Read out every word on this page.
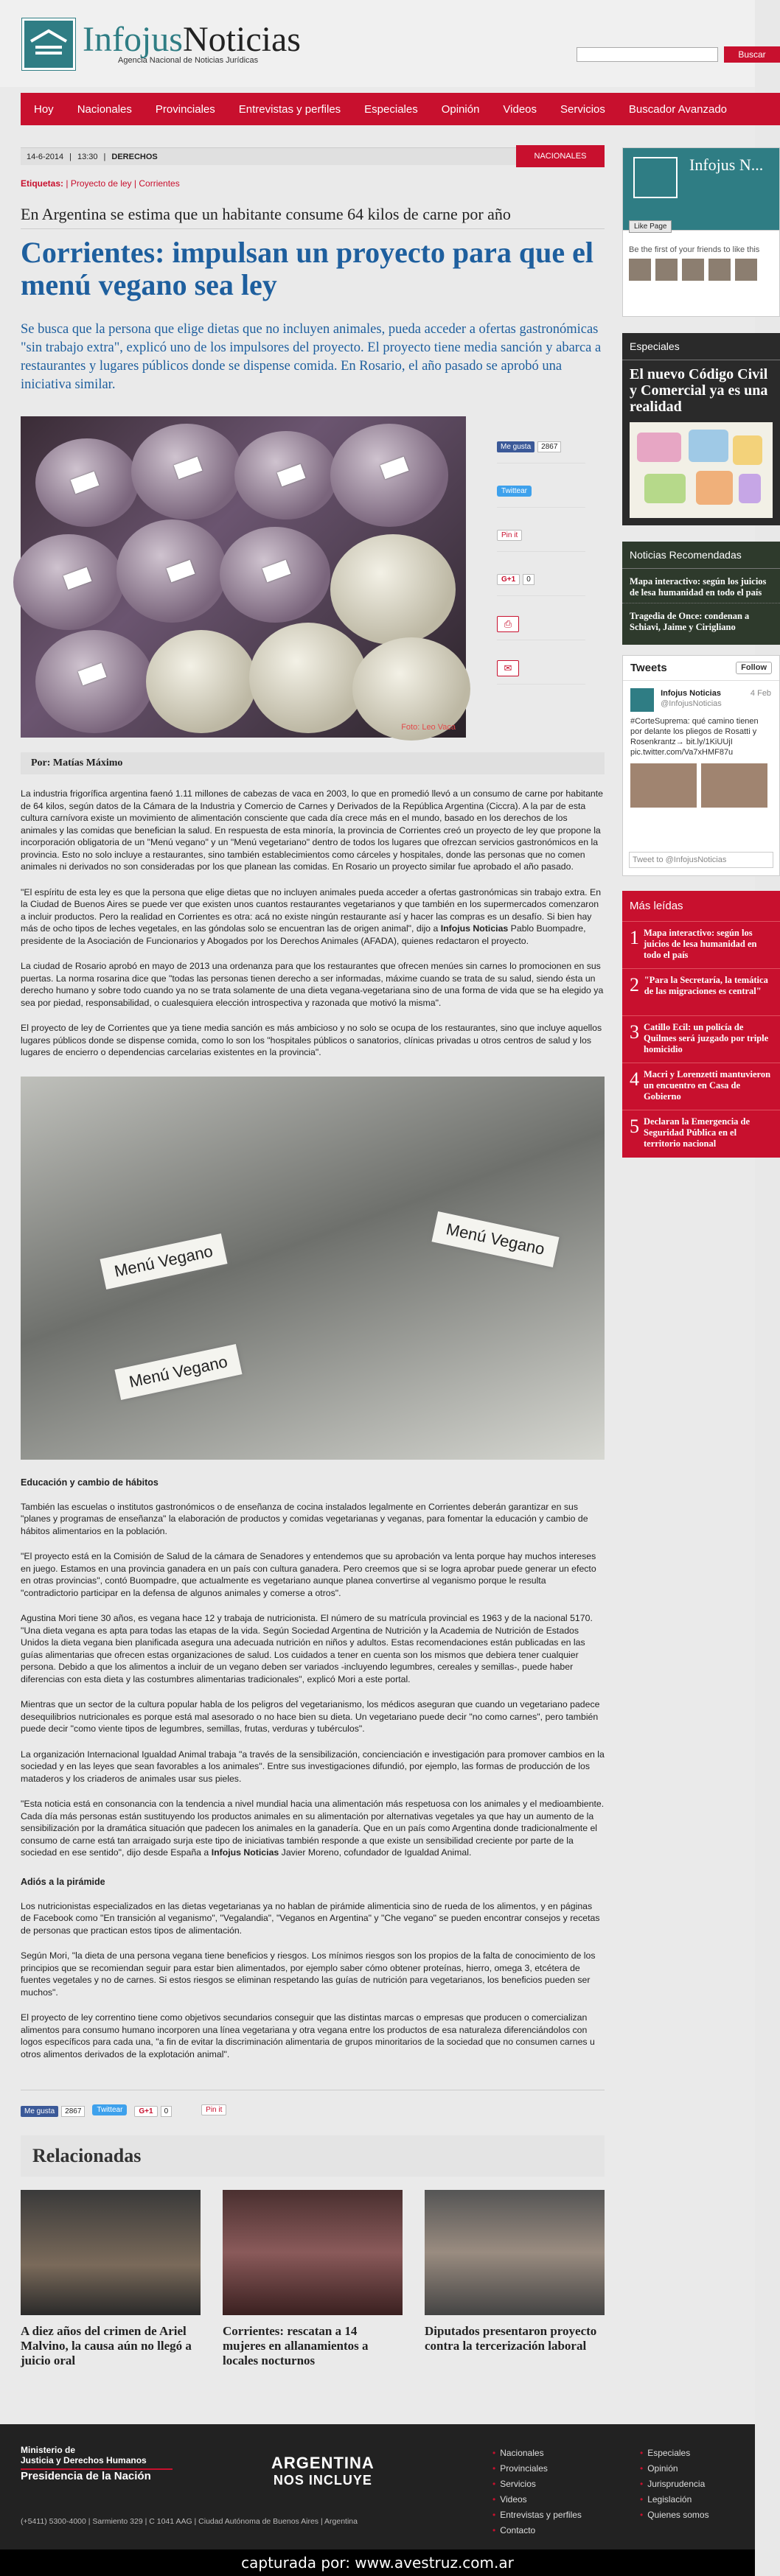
InfojusNoticias
Agencia Nacional de Noticias Jurídicas
Buscar
Hoy Nacionales Provinciales Entrevistas y perfiles Especiales Opinión Videos Servicios Buscador Avanzado
14-6-2014 | 13:30 | DERECHOS	NACIONALES
Etiquetas: | Proyecto de ley | Corrientes
En Argentina se estima que un habitante consume 64 kilos de carne por año
Corrientes: impulsan un proyecto para que el menú vegano sea ley
Se busca que la persona que elige dietas que no incluyen animales, pueda acceder a ofertas gastronómicas "sin trabajo extra", explicó uno de los impulsores del proyecto. El proyecto tiene media sanción y abarca a restaurantes y lugares públicos donde se dispense comida. En Rosario, el año pasado se aprobó una iniciativa similar.
Foto: Leo Vaca
Me gusta	2867
Twittear
Pin it
G+1	0
⎙
✉
Por: Matías Máximo

La industria frigorífica argentina faenó 1.11 millones de cabezas de vaca en 2003, lo que en promedió llevó a un consumo de carne por habitante de 64 kilos, según datos de la Cámara de la Industria y Comercio de Carnes y Derivados de la República Argentina (Ciccra). A la par de esta cultura carnívora existe un movimiento de alimentación consciente que cada día crece más en el mundo, basado en los derechos de los animales y las comidas que benefician la salud. En respuesta de esta minoría, la provincia de Corrientes creó un proyecto de ley que propone la incorporación obligatoria de un "Menú vegano" y un "Menú vegetariano" dentro de todos los lugares que ofrezcan servicios gastronómicos en la provincia. Esto no solo incluye a restaurantes, sino también establecimientos como cárceles y hospitales, donde las personas que no comen animales ni derivados no son consideradas por los que planean las comidas. En Rosario un proyecto similar fue aprobado el año pasado.

"El espíritu de esta ley es que la persona que elige dietas que no incluyen animales pueda acceder a ofertas gastronómicas sin trabajo extra. En la Ciudad de Buenos Aires se puede ver que existen unos cuantos restaurantes vegetarianos y que también en los supermercados comenzaron a incluir productos. Pero la realidad en Corrientes es otra: acá no existe ningún restaurante así y hacer las compras es un desafío. Si bien hay más de ocho tipos de leches vegetales, en las góndolas solo se encuentran las de origen animal", dijo a Infojus Noticias Pablo Buompadre, presidente de la Asociación de Funcionarios y Abogados por los Derechos Animales (AFADA), quienes redactaron el proyecto.

La ciudad de Rosario aprobó en mayo de 2013 una ordenanza para que los restaurantes que ofrecen menúes sin carnes lo promocionen en sus puertas. La norma rosarina dice que "todas las personas tienen derecho a ser informadas, máxime cuando se trata de su salud, siendo ésta un derecho humano y sobre todo cuando ya no se trata solamente de una dieta vegana-vegetariana sino de una forma de vida que se ha elegido ya sea por piedad, responsabilidad, o cualesquiera elección introspectiva y razonada que motivó la misma".

El proyecto de ley de Corrientes que ya tiene media sanción es más ambicioso y no solo se ocupa de los restaurantes, sino que incluye aquellos lugares públicos donde se dispense comida, como lo son los "hospitales públicos o sanatorios, clínicas privadas u otros centros de salud y los lugares de encierro o dependencias carcelarias existentes en la provincia".

Menú Vegano
Menú Vegano
Menú Vegano
Educación y cambio de hábitos

También las escuelas o institutos gastronómicos o de enseñanza de cocina instalados legalmente en Corrientes deberán garantizar en sus "planes y programas de enseñanza" la elaboración de productos y comidas vegetarianas y veganas, para fomentar la educación y cambio de hábitos alimentarios en la población.

"El proyecto está en la Comisión de Salud de la cámara de Senadores y entendemos que su aprobación va lenta porque hay muchos intereses en juego. Estamos en una provincia ganadera en un país con cultura ganadera. Pero creemos que si se logra aprobar puede generar un efecto en otras provincias", contó Buompadre, que actualmente es vegetariano aunque planea convertirse al veganismo porque le resulta "contradictorio participar en la defensa de algunos animales y comerse a otros".

Agustina Mori tiene 30 años, es vegana hace 12 y trabaja de nutricionista. El número de su matrícula provincial es 1963 y de la nacional 5170. "Una dieta vegana es apta para todas las etapas de la vida. Según Sociedad Argentina de Nutrición y la Academia de Nutrición de Estados Unidos la dieta vegana bien planificada asegura una adecuada nutrición en niños y adultos. Estas recomendaciones están publicadas en las guías alimentarias que ofrecen estas organizaciones de salud. Los cuidados a tener en cuenta son los mismos que debiera tener cualquier persona. Debido a que los alimentos a incluir de un vegano deben ser variados -incluyendo legumbres, cereales y semillas-, puede haber diferencias con esta dieta y las costumbres alimentarias tradicionales", explicó Mori a este portal.

Mientras que un sector de la cultura popular habla de los peligros del vegetarianismo, los médicos aseguran que cuando un vegetariano padece desequilibrios nutricionales es porque está mal asesorado o no hace bien su dieta. Un vegetariano puede decir "no como carnes", pero también puede decir "como viente tipos de legumbres, semillas, frutas, verduras y tubérculos".

La organización Internacional Igualdad Animal trabaja "a través de la sensibilización, concienciación e investigación para promover cambios en la sociedad y en las leyes que sean favorables a los animales". Entre sus investigaciones difundió, por ejemplo, las formas de producción de los mataderos y los criaderos de animales usar sus pieles.

"Esta noticia está en consonancia con la tendencia a nivel mundial hacia una alimentación más respetuosa con los animales y el medioambiente. Cada día más personas están sustituyendo los productos animales en su alimentación por alternativas vegetales ya que hay un aumento de la sensibilización por la dramática situación que padecen los animales en la ganadería. Que en un país como Argentina donde tradicionalmente el consumo de carne está tan arraigado surja este tipo de iniciativas también responde a que existe un sensibilidad creciente por parte de la sociedad en ese sentido", dijo desde España a Infojus Noticias Javier Moreno, cofundador de Igualdad Animal.

Adiós a la pirámide

Los nutricionistas especializados en las dietas vegetarianas ya no hablan de pirámide alimenticia sino de rueda de los alimentos, y en páginas de Facebook como "En transición al veganismo", "Vegalandia", "Veganos en Argentina" y "Che vegano" se pueden encontrar consejos y recetas de personas que practican estos tipos de alimentación.

Según Mori, "la dieta de una persona vegana tiene beneficios y riesgos. Los mínimos riesgos son los propios de la falta de conocimiento de los principios que se recomiendan seguir para estar bien alimentados, por ejemplo saber cómo obtener proteínas, hierro, omega 3, etcétera de fuentes vegetales y no de carnes. Si estos riesgos se eliminan respetando las guías de nutrición para vegetarianos, los beneficios pueden ser muchos".

El proyecto de ley correntino tiene como objetivos secundarios conseguir que las distintas marcas o empresas que producen o comercializan alimentos para consumo humano incorporen una línea vegetariana y otra vegana entre los productos de esa naturaleza diferenciándolos con logos específicos para cada una, "a fin de evitar la discriminación alimentaria de grupos minoritarios de la sociedad que no consumen carnes u otros alimentos derivados de la explotación animal".

Me gusta 2867	Twittear	G+1 0	Pin it
Relacionadas
A diez años del crimen de Ariel Malvino, la causa aún no llegó a juicio oral
Corrientes: rescatan a 14 mujeres en allanamientos a locales nocturnos
Diputados presentaron proyecto contra la tercerización laboral
Infojus N...
Like Page
Be the first of your friends to like this
Especiales
El nuevo Código Civil y Comercial ya es una realidad
Noticias Recomendadas
Mapa interactivo: según los juicios de lesa humanidad en todo el país
Tragedia de Once: condenan a Schiavi, Jaime y Cirigliano
Tweets	Follow
Infojus Noticias	4 Feb

@InfojusNoticias
#CorteSuprema: qué camino tienen por delante los pliegos de Rosatti y Rosenkrantz→ bit.ly/1KiUUjI pic.twitter.com/Va7xHMF87u
Tweet to @InfojusNoticias
Más leídas
1 Mapa interactivo: según los juicios de lesa humanidad en todo el país
2 "Para la Secretaría, la temática de las migraciones es central"
3 Catillo Ecil: un policía de Quilmes será juzgado por triple homicidio
4 Macri y Lorenzetti mantuvieron un encuentro en Casa de Gobierno
5 Declaran la Emergencia de Seguridad Pública en el territorio nacional
Ministerio de
Justicia y Derechos Humanos
Presidencia de la Nación
(+5411) 5300-4000 | Sarmiento 329 | C 1041 AAG | Ciudad Autónoma de Buenos Aires | Argentina
ARGENTINA
NOS INCLUYE
• Nacionales
• Provinciales
• Servicios
• Videos
• Entrevistas y perfiles
• Contacto
• Especiales
• Opinión
• Jurisprudencia
• Legislación
• Quienes somos
capturada por: www.avestruz.com.ar
